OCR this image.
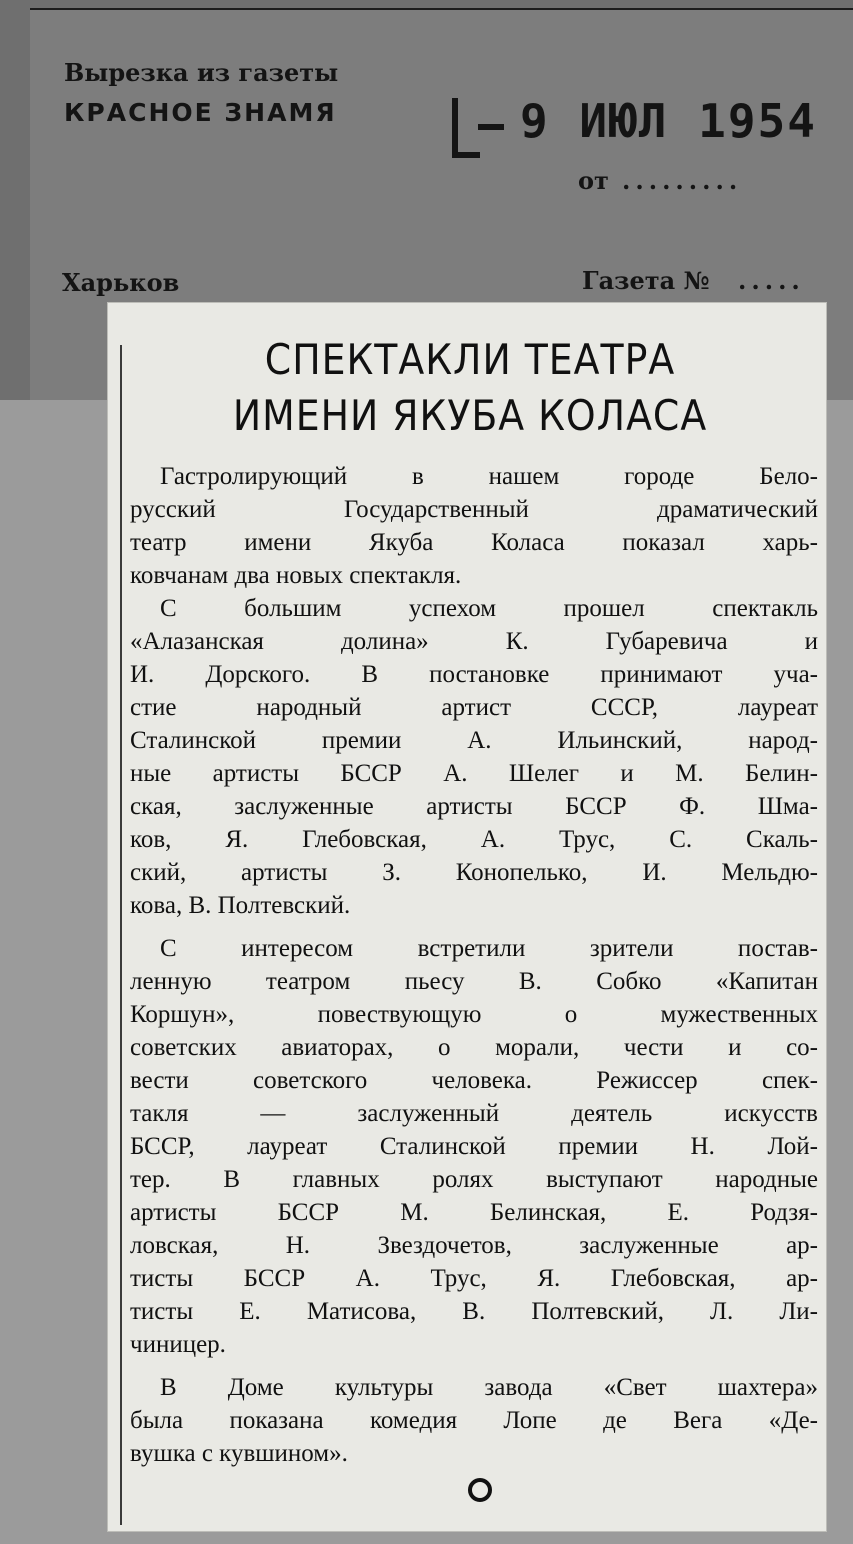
Вырезка из газеты
КРАСНОЕ ЗНАМЯ	9 ИЮЛ 1954
от .........
Харьков	Газета № .....
СПЕКТАКЛИ ТЕАТРА
ИМЕНИ ЯКУБА КОЛАСА
Гастролирующий в нашем городе Бело-
русский Государственный драматический
театр имени Якуба Коласа показал харь-
ковчанам два новых спектакля.
С большим успехом прошел спектакль
«Алазанская долина» К. Губаревича и
И. Дорского. В постановке принимают уча-
стие народный артист СССР, лауреат
Сталинской премии А. Ильинский, народ-
ные артисты БССР А. Шелег и М. Белин-
ская, заслуженные артисты БССР Ф. Шма-
ков, Я. Глебовская, А. Трус, С. Скаль-
ский, артисты З. Конопелько, И. Мельдю-
кова, В. Полтевский.
С интересом встретили зрители постав-
ленную театром пьесу В. Собко «Капитан
Коршун», повествующую о мужественных
советских авиаторах, о морали, чести и со-
вести советского человека. Режиссер спек-
такля — заслуженный деятель искусств
БССР, лауреат Сталинской премии Н. Лой-
тер. В главных ролях выступают народные
артисты БССР М. Белинская, Е. Родзя-
ловская, Н. Звездочетов, заслуженные ар-
тисты БССР А. Трус, Я. Глебовская, ар-
тисты Е. Матисова, В. Полтевский, Л. Ли-
чиницер.
В Доме культуры завода «Свет шахтера»
была показана комедия Лопе де Вега «Де-
вушка с кувшином».
